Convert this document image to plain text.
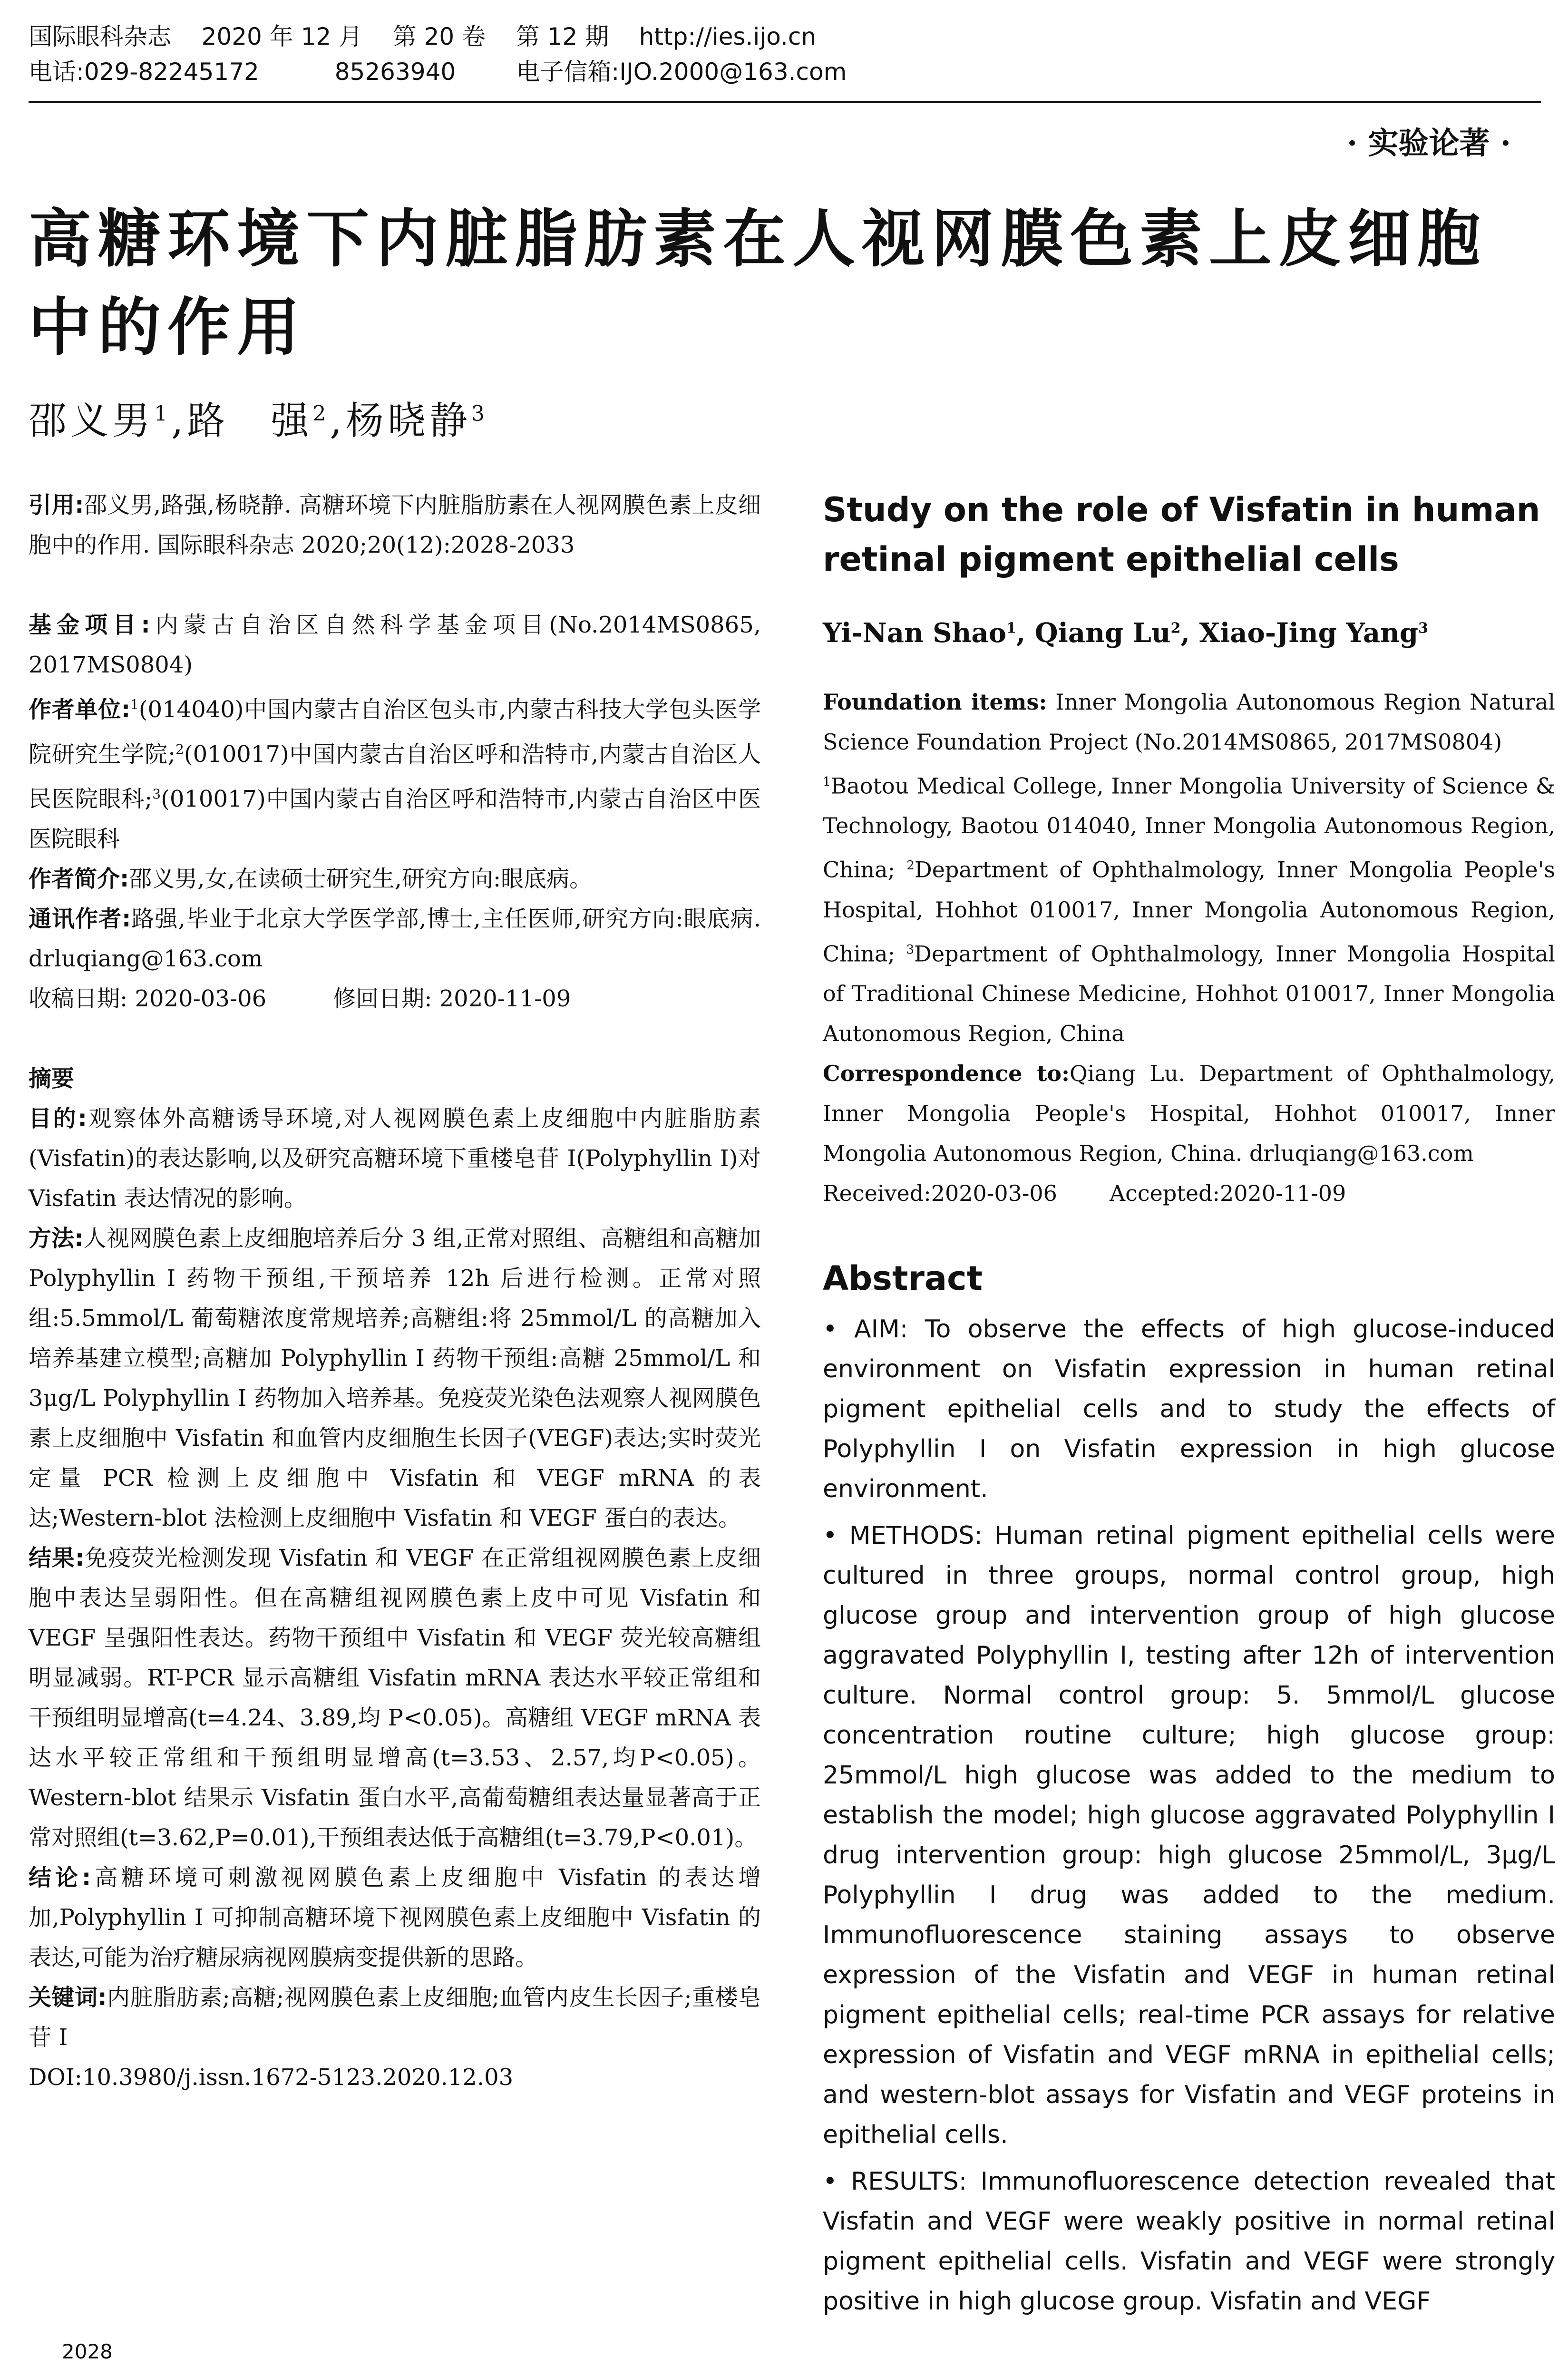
国际眼科杂志    2020 年 12 月    第 20 卷    第 12 期    http://ies.ijo.cn
电话:029-82245172          85263940        电子信箱:IJO.2000@163.com
· 实验论著 ·
高糖环境下内脏脂肪素在人视网膜色素上皮细胞中的作用
邵义男$^1$,路　强$^2$,杨晓静$^3$
引用:邵义男,路强,杨晓静. 高糖环境下内脏脂肪素在人视网膜色素上皮细胞中的作用. 国际眼科杂志 2020;20(12):2028-2033
基金项目:内蒙古自治区自然科学基金项目(No.2014MS0865, 2017MS0804)
作者单位:$^1$(014040)中国内蒙古自治区包头市,内蒙古科技大学包头医学院研究生学院;$^2$(010017)中国内蒙古自治区呼和浩特市,内蒙古自治区人民医院眼科;$^3$(010017)中国内蒙古自治区呼和浩特市,内蒙古自治区中医医院眼科
作者简介:邵义男,女,在读硕士研究生,研究方向:眼底病。
通讯作者:路强,毕业于北京大学医学部,博士,主任医师,研究方向:眼底病. drluqiang@163.com
收稿日期: 2020-03-06	修回日期: 2020-11-09
摘要
目的:观察体外高糖诱导环境,对人视网膜色素上皮细胞中内脏脂肪素(Visfatin)的表达影响,以及研究高糖环境下重楼皂苷 I(Polyphyllin I)对 Visfatin 表达情况的影响。
方法:人视网膜色素上皮细胞培养后分 3 组,正常对照组、高糖组和高糖加 Polyphyllin I 药物干预组,干预培养 12h 后进行检测。正常对照组:5.5mmol/L 葡萄糖浓度常规培养;高糖组:将 25mmol/L 的高糖加入培养基建立模型;高糖加 Polyphyllin I 药物干预组:高糖 25mmol/L 和 3μg/L Polyphyllin I 药物加入培养基。免疫荧光染色法观察人视网膜色素上皮细胞中 Visfatin 和血管内皮细胞生长因子(VEGF)表达;实时荧光定量 PCR 检测上皮细胞中 Visfatin 和 VEGF mRNA 的表达;Western-blot 法检测上皮细胞中 Visfatin 和 VEGF 蛋白的表达。
结果:免疫荧光检测发现 Visfatin 和 VEGF 在正常组视网膜色素上皮细胞中表达呈弱阳性。但在高糖组视网膜色素上皮中可见 Visfatin 和 VEGF 呈强阳性表达。药物干预组中 Visfatin 和 VEGF 荧光较高糖组明显减弱。RT-PCR 显示高糖组 Visfatin mRNA 表达水平较正常组和干预组明显增高(t=4.24、3.89,均 P<0.05)。高糖组 VEGF mRNA 表达水平较正常组和干预组明显增高(t=3.53、2.57,均P<0.05)。Western-blot 结果示 Visfatin 蛋白水平,高葡萄糖组表达量显著高于正常对照组(t=3.62,P=0.01),干预组表达低于高糖组(t=3.79,P<0.01)。
结论:高糖环境可刺激视网膜色素上皮细胞中 Visfatin 的表达增加,Polyphyllin I 可抑制高糖环境下视网膜色素上皮细胞中 Visfatin 的表达,可能为治疗糖尿病视网膜病变提供新的思路。
关键词:内脏脂肪素;高糖;视网膜色素上皮细胞;血管内皮生长因子;重楼皂苷 I
DOI:10.3980/j.issn.1672-5123.2020.12.03
Study on the role of Visfatin in human retinal pigment epithelial cells
Yi-Nan Shao$^1$, Qiang Lu$^2$, Xiao-Jing Yang$^3$
Foundation items: Inner Mongolia Autonomous Region Natural Science Foundation Project (No.2014MS0865, 2017MS0804)
$^1$Baotou Medical College, Inner Mongolia University of Science & Technology, Baotou 014040, Inner Mongolia Autonomous Region, China; $^2$Department of Ophthalmology, Inner Mongolia People's Hospital, Hohhot 010017, Inner Mongolia Autonomous Region, China; $^3$Department of Ophthalmology, Inner Mongolia Hospital of Traditional Chinese Medicine, Hohhot 010017, Inner Mongolia Autonomous Region, China
Correspondence to:Qiang Lu. Department of Ophthalmology, Inner Mongolia People's Hospital, Hohhot 010017, Inner Mongolia Autonomous Region, China. drluqiang@163.com
Received:2020-03-06 Accepted:2020-11-09
Abstract
• AIM: To observe the effects of high glucose-induced environment on Visfatin expression in human retinal pigment epithelial cells and to study the effects of Polyphyllin I on Visfatin expression in high glucose environment.
• METHODS: Human retinal pigment epithelial cells were cultured in three groups, normal control group, high glucose group and intervention group of high glucose aggravated Polyphyllin I, testing after 12h of intervention culture. Normal control group: 5. 5mmol/L glucose concentration routine culture; high glucose group: 25mmol/L high glucose was added to the medium to establish the model; high glucose aggravated Polyphyllin I drug intervention group: high glucose 25mmol/L, 3μg/L Polyphyllin I drug was added to the medium. Immunofluorescence staining assays to observe expression of the Visfatin and VEGF in human retinal pigment epithelial cells; real-time PCR assays for relative expression of Visfatin and VEGF mRNA in epithelial cells; and western-blot assays for Visfatin and VEGF proteins in epithelial cells.
• RESULTS: Immunofluorescence detection revealed that Visfatin and VEGF were weakly positive in normal retinal pigment epithelial cells. Visfatin and VEGF were strongly positive in high glucose group. Visfatin and VEGF
2028
